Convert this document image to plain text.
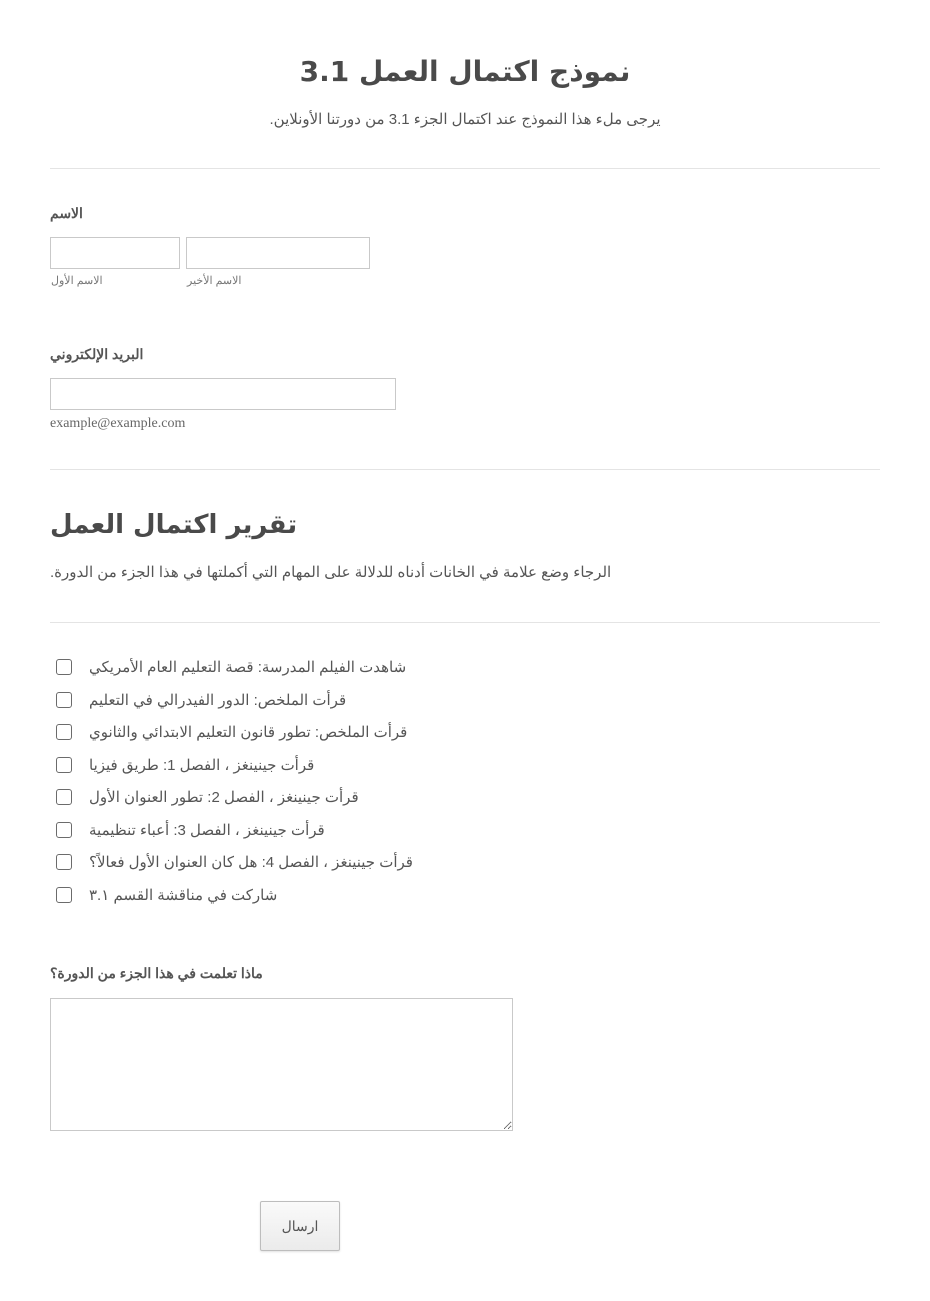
نموذج اكتمال العمل 3.1
.يرجى ملء هذا النموذج عند اكتمال الجزء 3.1 من دورتنا الأونلاين
الاسم
الاسم الأول	الاسم الأخير
البريد الإلكتروني
example@example.com
تقرير اكتمال العمل
.الرجاء وضع علامة في الخانات أدناه للدلالة على المهام التي أكملتها في هذا الجزء من الدورة
شاهدت الفيلم المدرسة: قصة التعليم العام الأمريكي
قرأت الملخص: الدور الفيدرالي في التعليم
قرأت الملخص: تطور قانون التعليم الابتدائي والثانوي
قرأت جينينغز ، الفصل 1: طريق فيزيا
قرأت جينينغز ، الفصل 2: تطور العنوان الأول
قرأت جينينغز ، الفصل 3: أعباء تنظيمية
قرأت جينينغز ، الفصل 4: هل كان العنوان الأول فعالاً؟
شاركت في مناقشة القسم ٣.١
ماذا تعلمت في هذا الجزء من الدورة؟
ارسال
